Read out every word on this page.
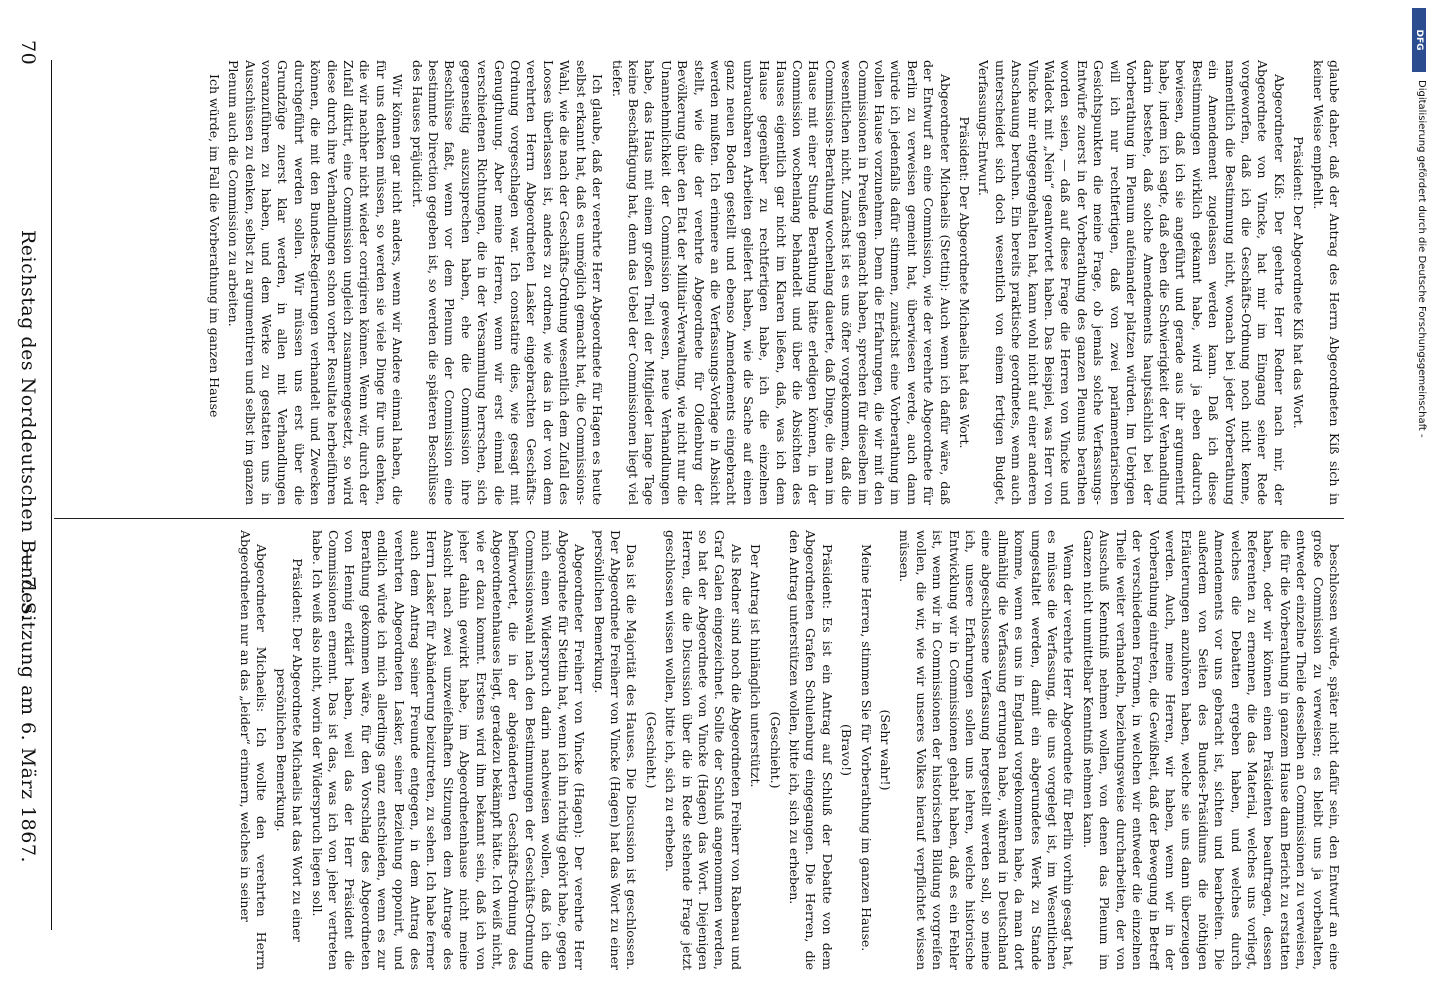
DFG
Digitalisierung gefördert durch die Deutsche Forschungsgemeinschaft -

glaube daher, daß der Antrag des Herrn Abgeordneten Kiß sich in keiner Weise empfiehlt.

Präsident: Der Abgeordnete Kiß hat das Wort.

Abgeordneter Kiß: Der geehrte Herr Redner nach mir, der Abgeordnete von Vincke, hat mir im Eingang seiner Rede vorgeworfen, daß ich die Geschäfts-Ordnung noch nicht kenne, namentlich die Bestimmung nicht, wonach bei jeder Vorberathung ein Amendement zugelassen werden kann. Daß ich diese Bestimmungen wirklich gekannt habe, wird ja eben dadurch bewiesen, daß ich sie angeführt und gerade aus ihr argumentirt habe, indem ich sagte, daß eben die Schwierigkeit der Verhandlung darin bestehe, daß solche Amendements hauptsächlich bei der Vorberathung im Plenum aufeinander platzen würden. Im Uebrigen will ich nur rechtfertigen, daß von zwei parlamentarischen Gesichtspunkten die meine Frage, ob jemals solche Verfassungs-Entwürfe zuerst in der Vorberathung des ganzen Plenums berathen worden seien, — daß auf diese Frage die Herren von Vincke und Waldeck mit „Nein“ geantwortet haben. Das Beispiel, was Herr von Vincke mir entgegengehalten hat, kann wohl nicht auf einer anderen Anschauung beruhen. Ein bereits praktische geordnetes, wenn auch unterscheidet sich doch wesentlich von einem fertigen Budget, Verfassungs-Entwurf.

Präsident: Der Abgeordnete Michaelis hat das Wort.

Abgeordneter Michaelis (Stettin): Auch wenn ich dafür wäre, daß der Entwurf an eine Commission, wie der verehrte Abgeordnete für Berlin zu verweisen gemeint hat, überwiesen werde, auch dann würde ich jedenfalls dafür stimmen, zunächst eine Vorberathung im vollen Hause vorzunehmen. Denn die Erfahrungen, die wir mit den Commissionen in Preußen gemacht haben, sprechen für dieselben im wesentlichen nicht. Zunächst ist es uns öfter vorgekommen, daß die Commissions-Berathung wochenlang dauerte, daß Dinge, die man im Hause mit einer Stunde Berathung hätte erledigen können, in der Commission wochenlang behandelt und über die Absichten des Hauses eigentlich gar nicht im Klaren ließen, daß, was ich dem Hause gegenüber zu rechtfertigen habe, ich die einzelnen unbrauchbaren Arbeiten geliefert haben, wie die Sache auf einen ganz neuen Boden gestellt und ebenso Amendements eingebracht werden mußten. Ich erinnere an die Verfassungs-Vorlage in Absicht stellt, wie die der verehrte Abgeordnete für Oldenburg der Bevölkerung über den Etat der Militair-Verwaltung, wie nicht nur die Unannehmlichkeit der Commission gewesen, neue Verhandlungen habe, das Haus mit einem großen Theil der Mitglieder lange Tage keine Beschäftigung hat, denn das Uebel der Commissionen liegt viel tiefer.

Ich glaube, daß der verehrte Herr Abgeordnete für Hagen es heute selbst erkannt hat, daß es unmöglich gemacht hat, die Commissions-Wahl, wie die nach der Geschäfts-Ordnung wesentlich dem Zufall des Looses überlassen ist, anders zu ordnen, wie das in der von dem verehrten Herrn Abgeordneten Lasker eingebrachten Geschäfts-Ordnung vorgeschlagen war. Ich constatire dies, wie gesagt mit Genugthuung. Aber meine Herren, wenn wir erst einmal die verschiedenen Richtungen, die in der Versammlung herrschen, sich gegenseitig auszusprechen haben, ehe die Commission ihre Beschlüsse faßt, wenn vor dem Plenum der Commission eine bestimmte Direction gegeben ist, so werden die späteren Beschlüsse des Hauses präjudicirt.

Wir können gar nicht anders, wenn wir Andere einmal haben, die für uns denken müssen, so werden sie viele Dinge für uns denken, die wir nachher nicht wieder corrigiren können. Wenn wir, durch der Zufall diktirt, eine Commission ungleich zusammengesetzt, so wird diese durch ihre Verhandlungen schon vorher Resultate herbeiführen können, die mit den Bundes-Regierungen verhandelt und Zwecken durchgeführt werden sollen. Wir müssen uns erst über die Grundzüge zuerst klar werden, in allen mit Verhandlungen voranzuführen zu haben, und dem Werke zu gestatten uns in Ausschüssen zu denken, selbst zu argumentiren und selbst im ganzen Plenum auch die Commission zu arbeiten.

Ich würde, im Fall die Vorberathung im ganzen Hause

beschlossen würde, später nicht dafür sein, den Entwurf an eine große Commission zu verweisen; es bleibt uns ja vorbehalten, entweder einzelne Theile desselben an Commissionen zu verweisen, die für die Vorberathung in ganzem Hause dann Bericht zu erstatten haben, oder wir können einen Präsidenten beauftragen, dessen Referenten zu ernennen, die das Material, welches uns vorliegt, welches die Debatten ergeben haben, und welches durch Amendements vor uns gebracht ist, sichten und bearbeiten. Die außerdem von Seiten des Bundes-Präsidiums die nöthigen Erläuterungen anzuhören haben, welche sie uns dann überzeugen werden. Auch, meine Herren, wir haben, wenn wir in der Vorberathung eintreten, die Gewißheit, daß der Bewegung in Betreff der verschiedenen Formen, in welchen wir entweder die einzelnen Theile weiter verhandeln, beziehungsweise durcharbeiten, der von Ausschuß Kenntniß nehmen wollen, von denen das Plenum im Ganzen nicht unmittelbar Kenntniß nehmen kann.

Wenn der verehrte Herr Abgeordnete für Berlin vorhin gesagt hat, es müsse die Verfassung, die uns vorgelegt ist, im Wesentlichen umgestaltet werden, damit ein abgerundetes Werk zu Stande komme, wenn es uns in England vorgekommen habe, da man dort allmählig die Verfassung errungen habe, während in Deutschland eine abgeschlossene Verfassung hergestellt werden soll, so meine ich, unsere Erfahrungen sollen uns lehren, welche historische Entwicklung wir in Commissionen gehabt haben, daß es ein Fehler ist, wenn wir in Commissionen der historischen Bildung vorgreifen wollen, die wir, wie wir unseres Volkes hierauf verpflichtet wissen müssen.

(Sehr wahr!)

Meine Herren, stimmen Sie für Vorberathung im ganzen Hause.

(Bravo!)

Präsident: Es ist ein Antrag auf Schluß der Debatte von dem Abgeordneten Grafen Schulenburg eingegangen. Die Herren, die den Antrag unterstützen wollen, bitte ich, sich zu erheben.

(Geschieht.)

Der Antrag ist hinlänglich unterstützt.

Als Redner sind noch die Abgeordneten Freiherr von Rabenau und Graf Galen eingezeichnet. Sollte der Schluß angenommen werden, so hat der Abgeordnete von Vincke (Hagen) das Wort. Diejenigen Herren, die die Discussion über die in Rede stehende Frage jetzt geschlossen wissen wollen, bitte ich, sich zu erheben.

(Geschieht.)

Das ist die Majorität des Hauses. Die Discussion ist geschlossen. Der Abgeordnete Freiherr von Vincke (Hagen) hat das Wort zu einer persönlichen Bemerkung.

Abgeordneter Freiherr von Vincke (Hagen): Der verehrte Herr Abgeordnete für Stettin hat, wenn ich ihn richtig gehört habe, gegen mich einen Widerspruch darin nachweisen wollen, daß ich die Commissionswahl nach den Bestimmungen der Geschäfts-Ordnung befürwortet, die in der abgeänderten Geschäfts-Ordnung des Abgeordnetenhauses liegt, geradezu bekämpft hätte. Ich weiß nicht, wie er dazu kommt. Erstens wird ihm bekannt sein, daß ich von jeher dahin gewirkt habe, im Abgeordnetenhause nicht meine Ansicht nach zwei unzweifelhaften Sitzungen dem Antrage des Herrn Lasker für Abänderung beizutreten, zu sehen. Ich habe ferner auch dem Antrag seiner Freunde entgegen, in dem Antrag des verehrten Abgeordneten Lasker, seiner Beziehung opponirt, und endlich würde ich mich allerdings ganz entschieden, wenn es zur Berathung gekommen wäre, für den Vorschlag des Abgeordneten von Hennig erklärt haben, weil das der Herr Präsident die Commissionen ernennt. Das ist das, was ich von jeher vertreten habe. Ich weiß also nicht, worin der Widerspruch liegen soll.

Präsident: Der Abgeordnete Michaelis hat das Wort zu einer persönlichen Bemerkung.

Abgeordneter Michaelis: Ich wollte den verehrten Herrn Abgeordneten nur an das „leider“ erinnern, welches in seiner

70
Reichstag des Norddeutschen Bundes.
— 7. Sitzung am 6. März 1867.
